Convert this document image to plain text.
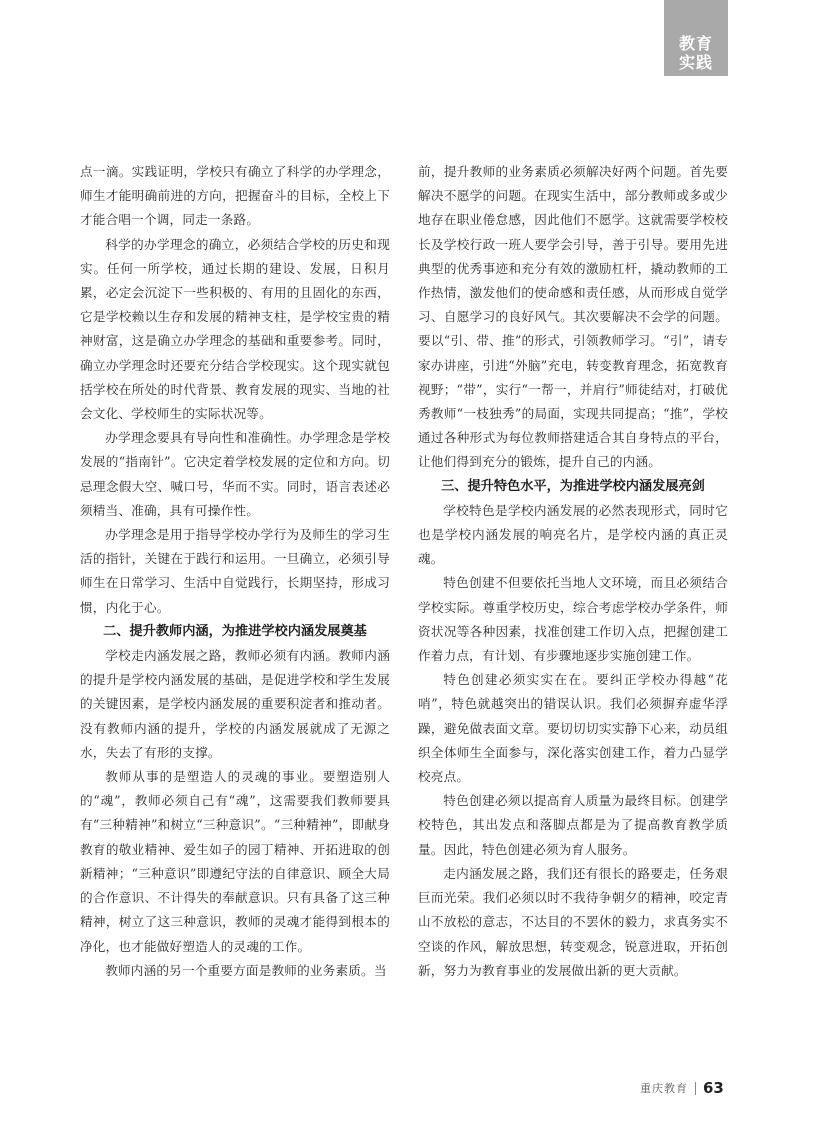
教育
实践

点一滴。实践证明，学校只有确立了科学的办学理念，师生才能明确前进的方向，把握奋斗的目标，全校上下才能合唱一个调，同走一条路。

科学的办学理念的确立，必须结合学校的历史和现实。任何一所学校，通过长期的建设、发展，日积月累，必定会沉淀下一些积极的、有用的且固化的东西，它是学校赖以生存和发展的精神支柱，是学校宝贵的精神财富，这是确立办学理念的基础和重要参考。同时，确立办学理念时还要充分结合学校现实。这个现实就包括学校在所处的时代背景、教育发展的现实、当地的社会文化、学校师生的实际状况等。

办学理念要具有导向性和准确性。办学理念是学校发展的“指南针”。它决定着学校发展的定位和方向。切忌理念假大空、喊口号，华而不实。同时，语言表述必须精当、准确，具有可操作性。

办学理念是用于指导学校办学行为及师生的学习生活的指针，关键在于践行和运用。一旦确立，必须引导师生在日常学习、生活中自觉践行，长期坚持，形成习惯，内化于心。

二、提升教师内涵，为推进学校内涵发展奠基

学校走内涵发展之路，教师必须有内涵。教师内涵的提升是学校内涵发展的基础，是促进学校和学生发展的关键因素，是学校内涵发展的重要积淀者和推动者。没有教师内涵的提升，学校的内涵发展就成了无源之水，失去了有形的支撑。

教师从事的是塑造人的灵魂的事业。要塑造别人的“魂”，教师必须自己有“魂”，这需要我们教师要具有“三种精神”和树立“三种意识”。“三种精神”，即献身教育的敬业精神、爱生如子的园丁精神、开拓进取的创新精神；“三种意识”即遵纪守法的自律意识、顾全大局的合作意识、不计得失的奉献意识。只有具备了这三种精神，树立了这三种意识，教师的灵魂才能得到根本的净化，也才能做好塑造人的灵魂的工作。

教师内涵的另一个重要方面是教师的业务素质。当

前，提升教师的业务素质必须解决好两个问题。首先要解决不愿学的问题。在现实生活中，部分教师或多或少地存在职业倦怠感，因此他们不愿学。这就需要学校校长及学校行政一班人要学会引导，善于引导。要用先进典型的优秀事迹和充分有效的激励杠杆，撬动教师的工作热情，激发他们的使命感和责任感，从而形成自觉学习、自愿学习的良好风气。其次要解决不会学的问题。要以“引、带、推”的形式，引领教师学习。“引”，请专家办讲座，引进“外脑”充电，转变教育理念，拓宽教育视野；“带”，实行“一帮一，并肩行”师徒结对，打破优秀教师“一枝独秀”的局面，实现共同提高；“推”，学校通过各种形式为每位教师搭建适合其自身特点的平台，让他们得到充分的锻炼，提升自己的内涵。

三、提升特色水平，为推进学校内涵发展亮剑

学校特色是学校内涵发展的必然表现形式，同时它也是学校内涵发展的响亮名片，是学校内涵的真正灵魂。

特色创建不但要依托当地人文环境，而且必须结合学校实际。尊重学校历史，综合考虑学校办学条件，师资状况等各种因素，找准创建工作切入点，把握创建工作着力点，有计划、有步骤地逐步实施创建工作。

特色创建必须实实在在。要纠正学校办得越“花哨”，特色就越突出的错误认识。我们必须摒弃虚华浮躁，避免做表面文章。要切切切实实静下心来，动员组织全体师生全面参与，深化落实创建工作，着力凸显学校亮点。

特色创建必须以提高育人质量为最终目标。创建学校特色，其出发点和落脚点都是为了提高教育教学质量。因此，特色创建必须为育人服务。

走内涵发展之路，我们还有很长的路要走，任务艰巨而光荣。我们必须以时不我待争朝夕的精神，咬定青山不放松的意志，不达目的不罢休的毅力，求真务实不空谈的作风，解放思想，转变观念，锐意进取，开拓创新，努力为教育事业的发展做出新的更大贡献。

重庆教育 63
